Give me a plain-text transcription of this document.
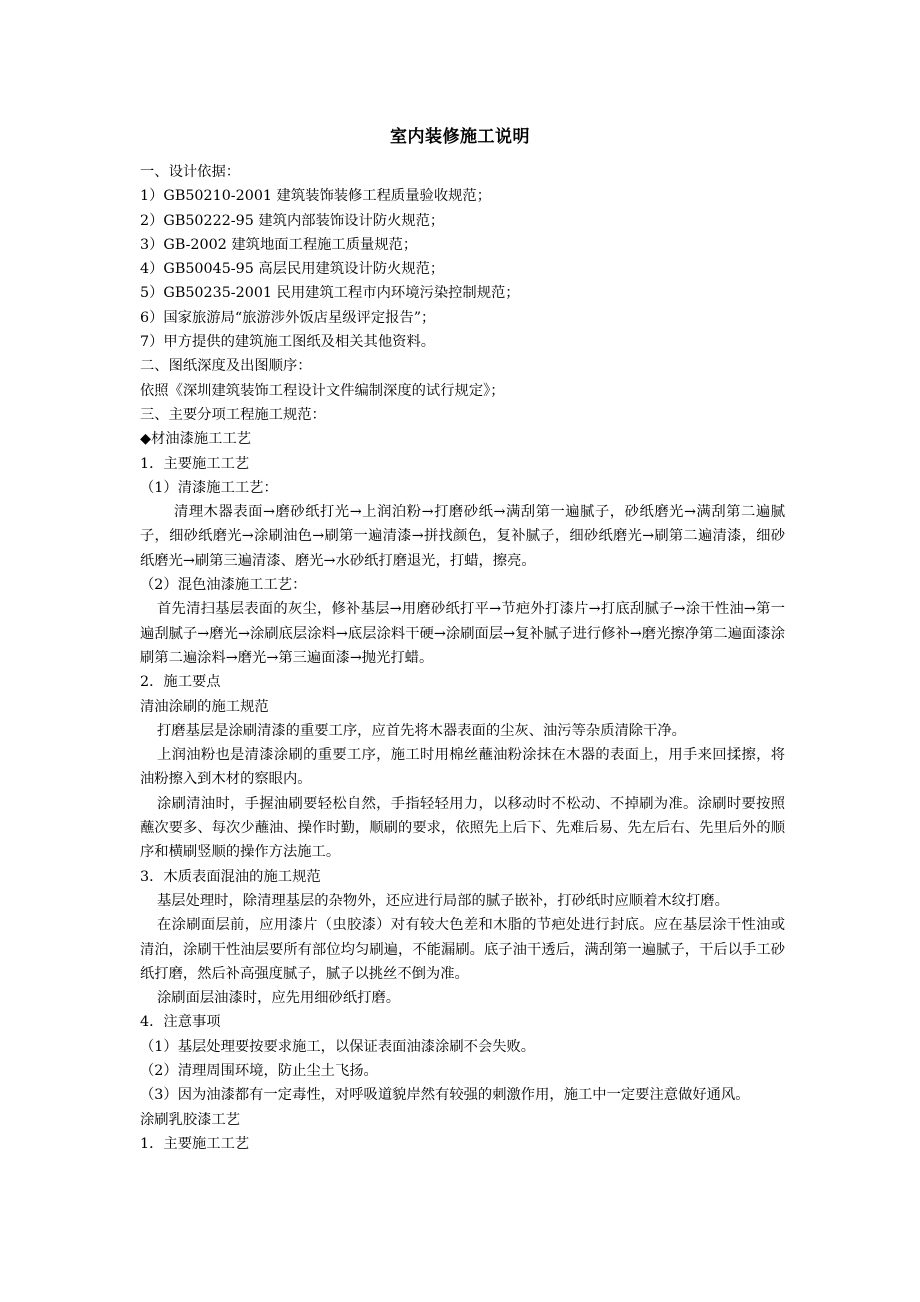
室内装修施工说明

一、设计依据：

1）GB50210-2001 建筑装饰装修工程质量验收规范；

2）GB50222-95 建筑内部装饰设计防火规范；

3）GB-2002 建筑地面工程施工质量规范；

4）GB50045-95 高层民用建筑设计防火规范；

5）GB50235-2001 民用建筑工程市内环境污染控制规范；

6）国家旅游局“旅游涉外饭店星级评定报告”；

7）甲方提供的建筑施工图纸及相关其他资料。

二、图纸深度及出图顺序：

依照《深圳建筑装饰工程设计文件编制深度的试行规定》；

三、主要分项工程施工规范：

◆材油漆施工工艺

1．主要施工工艺

（1）清漆施工工艺：

清理木器表面→磨砂纸打光→上润泊粉→打磨砂纸→满刮第一遍腻子，砂纸磨光→满刮第二遍腻子，细砂纸磨光→涂刷油色→刷第一遍清漆→拼找颜色，复补腻子，细砂纸磨光→刷第二遍清漆，细砂纸磨光→刷第三遍清漆、磨光→水砂纸打磨退光，打蜡，擦亮。

（2）混色油漆施工工艺：

首先清扫基层表面的灰尘，修补基层→用磨砂纸打平→节疤外打漆片→打底刮腻子→涂干性油→第一遍刮腻子→磨光→涂刷底层涂料→底层涂料干硬→涂刷面层→复补腻子进行修补→磨光擦净第二遍面漆涂刷第二遍涂料→磨光→第三遍面漆→抛光打蜡。

2．施工要点

清油涂刷的施工规范

打磨基层是涂刷清漆的重要工序，应首先将木器表面的尘灰、油污等杂质清除干净。

上润油粉也是清漆涂刷的重要工序，施工时用棉丝蘸油粉涂抹在木器的表面上，用手来回揉擦，将油粉擦入到木材的察眼内。

涂刷清油时，手握油刷要轻松自然，手指轻轻用力，以移动时不松动、不掉刷为准。涂刷时要按照蘸次要多、每次少蘸油、操作时勤，顺刷的要求，依照先上后下、先难后易、先左后右、先里后外的顺序和横刷竖顺的操作方法施工。

3．木质表面混油的施工规范

基层处理时，除清理基层的杂物外，还应进行局部的腻子嵌补，打砂纸时应顺着木纹打磨。

在涂刷面层前，应用漆片（虫胶漆）对有较大色差和木脂的节疤处进行封底。应在基层涂干性油或清泊，涂刷干性油层要所有部位均匀刷遍，不能漏刷。底子油干透后，满刮第一遍腻子，干后以手工砂纸打磨，然后补高强度腻子，腻子以挑丝不倒为准。

涂刷面层油漆时，应先用细砂纸打磨。

4．注意事项

（1）基层处理要按要求施工，以保证表面油漆涂刷不会失败。

（2）清理周围环境，防止尘土飞扬。

（3）因为油漆都有一定毒性，对呼吸道貌岸然有较强的刺激作用，施工中一定要注意做好通风。

涂刷乳胶漆工艺

1．主要施工工艺
